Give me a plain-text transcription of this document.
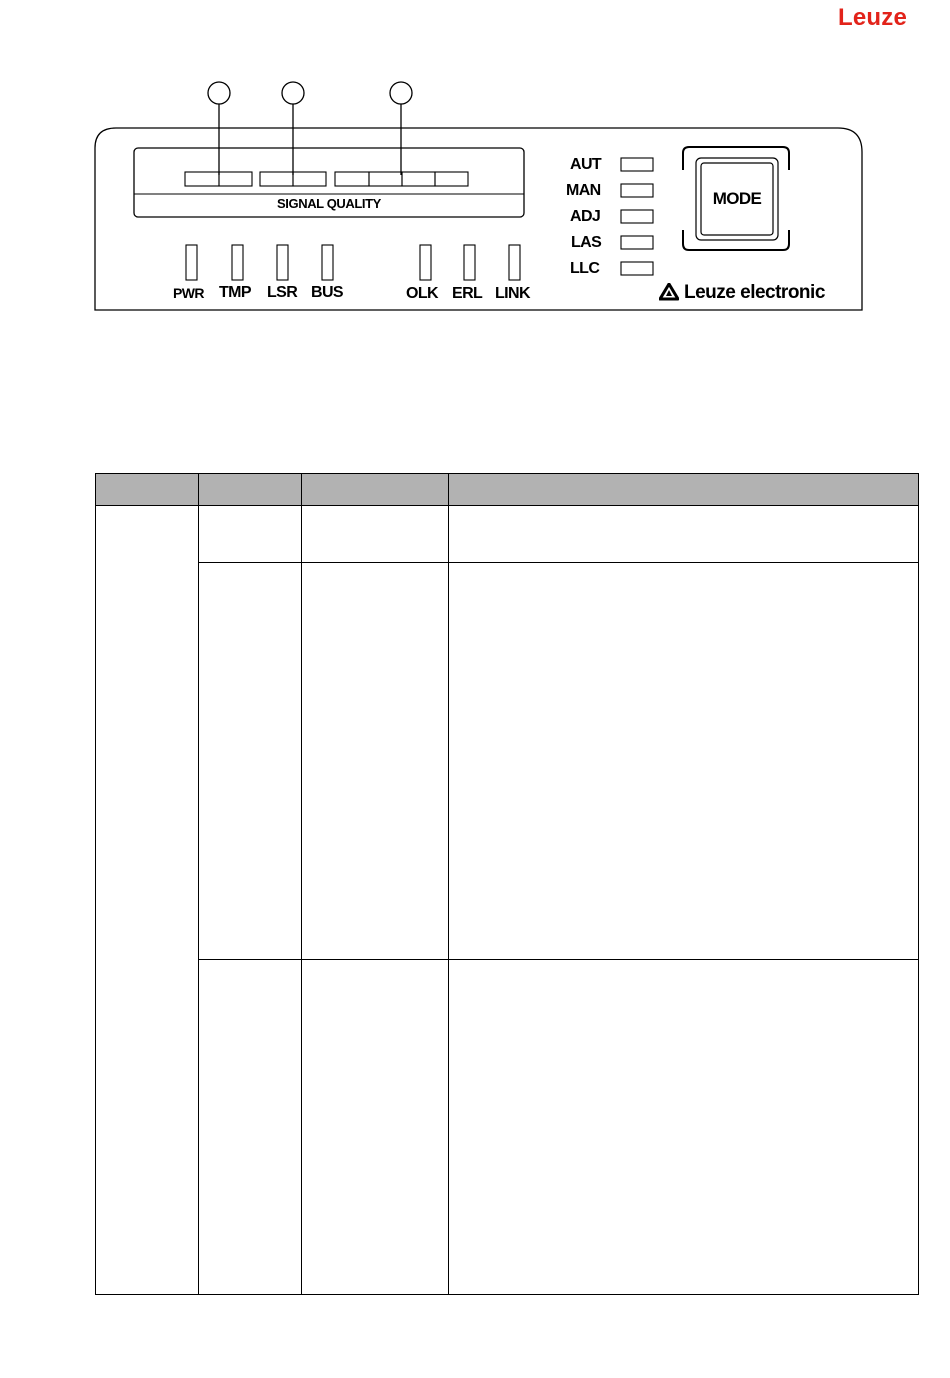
Leuze
SIGNAL QUALITY
PWR TMP LSR BUS	OLK ERL LINK
AUT
MAN
ADJ
LAS
LLC
MODE
Leuze electronic
